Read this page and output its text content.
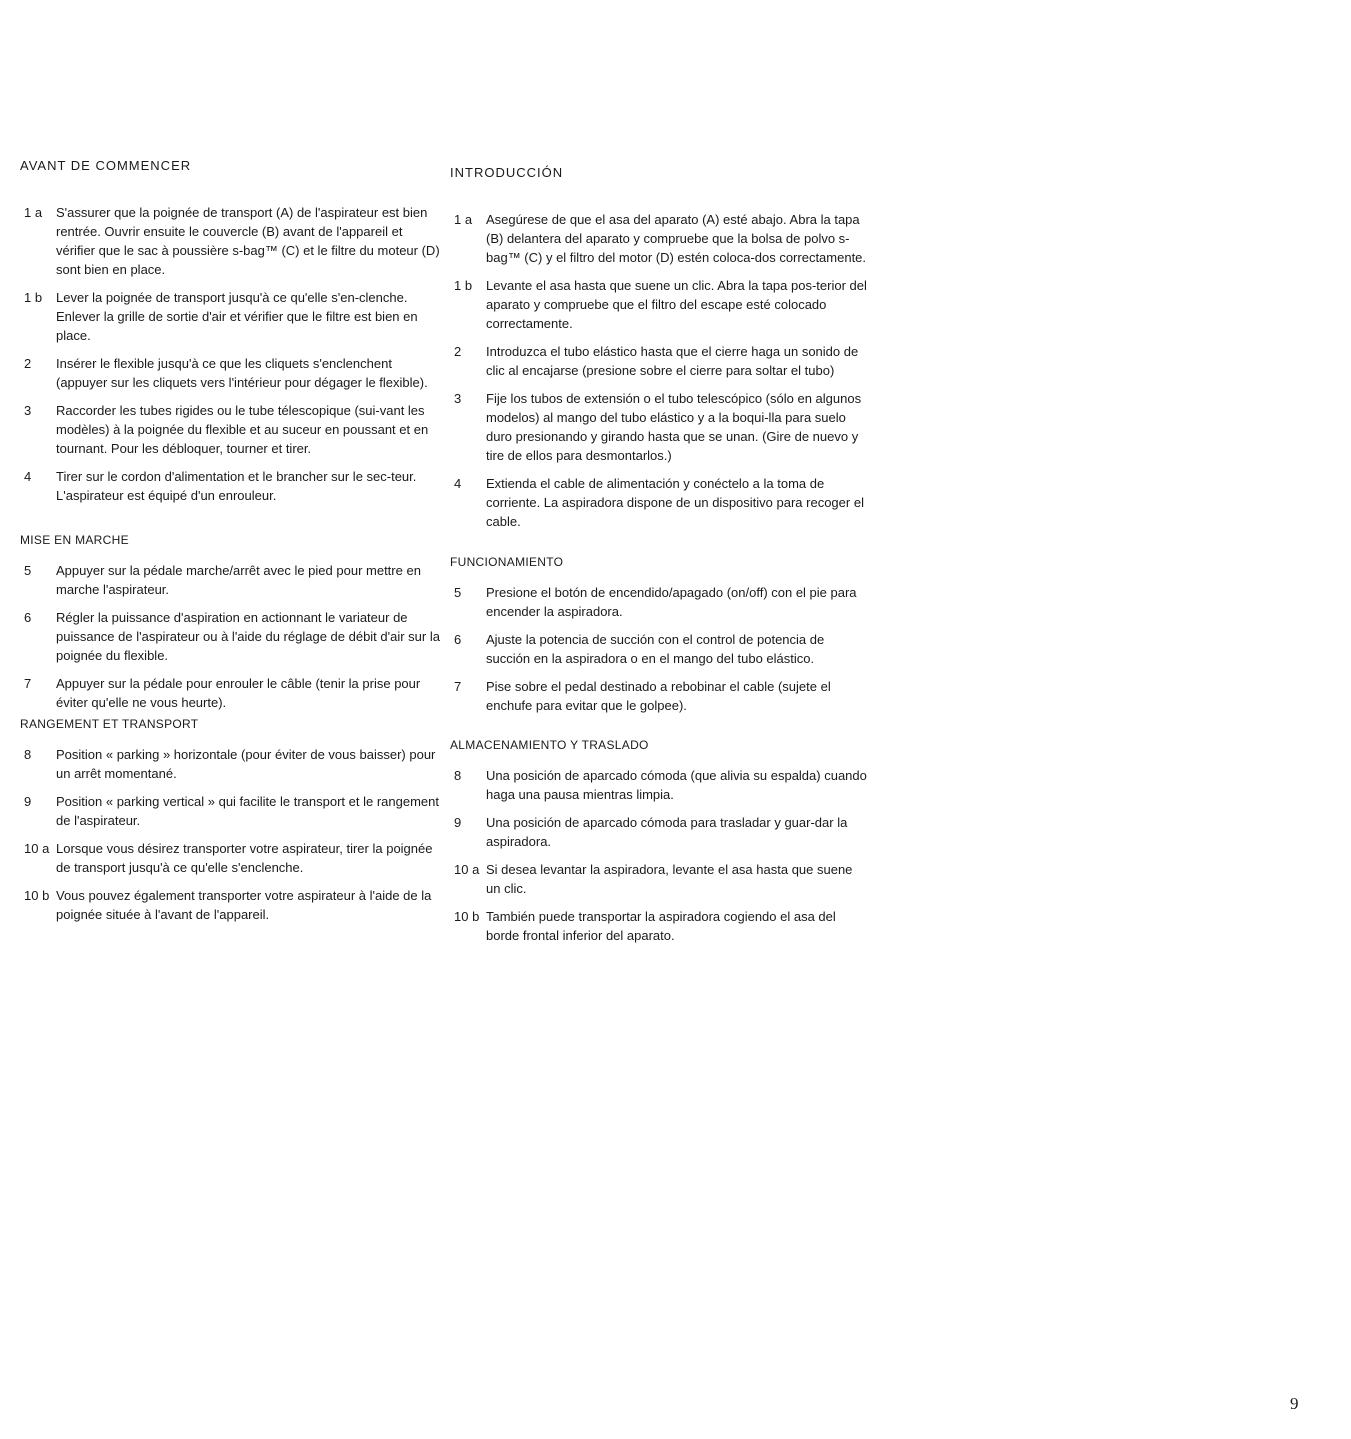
AVANT DE COMMENCER
1 a	S'assurer que la poignée de transport (A) de l'aspirateur est bien rentrée. Ouvrir ensuite le couvercle (B) avant de l'appareil et vérifier que le sac à poussière s-bag™ (C) et le filtre du moteur (D) sont bien en place.
1 b	Lever la poignée de transport jusqu'à ce qu'elle s'en-clenche. Enlever la grille de sortie d'air et vérifier que le filtre est bien en place.
2	Insérer le flexible jusqu'à ce que les cliquets s'enclenchent (appuyer sur les cliquets vers l'intérieur pour dégager le flexible).
3	Raccorder les tubes rigides ou le tube télescopique (sui-vant les modèles) à la poignée du flexible et au suceur en poussant et en tournant. Pour les débloquer, tourner et tirer.
4	Tirer sur le cordon d'alimentation et le brancher sur le sec-teur. L'aspirateur est équipé d'un enrouleur.
MISE EN MARCHE
5	Appuyer sur la pédale marche/arrêt avec le pied pour mettre en marche l'aspirateur.
6	Régler la puissance d'aspiration en actionnant le variateur de puissance de l'aspirateur ou à l'aide du réglage de débit d'air sur la poignée du flexible.
7	Appuyer sur la pédale pour enrouler le câble (tenir la prise pour éviter qu'elle ne vous heurte).
RANGEMENT ET TRANSPORT
8	Position « parking » horizontale (pour éviter de vous baisser) pour un arrêt momentané.
9	Position « parking vertical » qui facilite le transport et le rangement de l'aspirateur.
10 a Lorsque vous désirez transporter votre aspirateur, tirer la poignée de transport jusqu'à ce qu'elle s'enclenche.
10 b Vous pouvez également transporter votre aspirateur à l'aide de la poignée située à l'avant de l'appareil.
INTRODUCCIÓN
1 a	Asegúrese de que el asa del aparato (A) esté abajo. Abra la tapa (B) delantera del aparato y compruebe que la bolsa de polvo s-bag™ (C) y el filtro del motor (D) estén coloca-dos correctamente.
1 b	Levante el asa hasta que suene un clic. Abra la tapa pos-terior del aparato y compruebe que el filtro del escape esté colocado correctamente.
2	Introduzca el tubo elástico hasta que el cierre haga un sonido de clic al encajarse (presione sobre el cierre para soltar el tubo)
3	Fije los tubos de extensión o el tubo telescópico (sólo en algunos modelos) al mango del tubo elástico y a la boqui-lla para suelo duro presionando y girando hasta que se unan. (Gire de nuevo y tire de ellos para desmontarlos.)
4	Extienda el cable de alimentación y conéctelo a la toma de corriente. La aspiradora dispone de un dispositivo para recoger el cable.
FUNCIONAMIENTO
5	Presione el botón de encendido/apagado (on/off) con el pie para encender la aspiradora.
6	Ajuste la potencia de succión con el control de potencia de succión en la aspiradora o en el mango del tubo elástico.
7	Pise sobre el pedal destinado a rebobinar el cable (sujete el enchufe para evitar que le golpee).
ALMACENAMIENTO Y TRASLADO
8	Una posición de aparcado cómoda (que alivia su espalda) cuando haga una pausa mientras limpia.
9	Una posición de aparcado cómoda para trasladar y guar-dar la aspiradora.
10 a Si desea levantar la aspiradora, levante el asa hasta que suene un clic.
10 b También puede transportar la aspiradora cogiendo el asa del borde frontal inferior del aparato.
9
